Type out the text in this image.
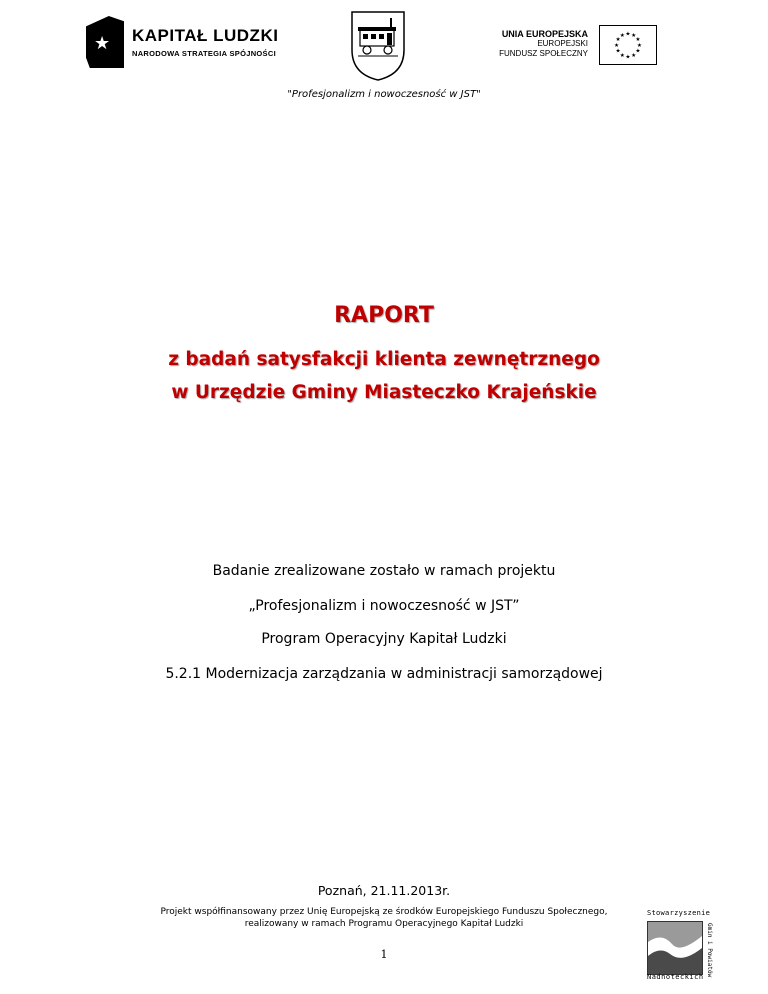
★ KAPITAŁ LUDZKI
NARODOWA STRATEGIA SPÓJNOŚCI
UNIA EUROPEJSKA
EUROPEJSKI
FUNDUSZ SPOŁECZNY
★ ★
★
★
★
★
★
★
★
★
★
★
"Profesjonalizm i nowoczesność w JST"
RAPORT
z badań satysfakcji klienta zewnętrznego
w Urzędzie Gminy Miasteczko Krajeńskie
Badanie zrealizowane zostało w ramach projektu
„Profesjonalizm i nowoczesność w JST”
Program Operacyjny Kapitał Ludzki
5.2.1 Modernizacja zarządzania w administracji samorządowej
Poznań, 21.11.2013r.
Projekt współfinansowany przez Unię Europejską ze środków Europejskiego Funduszu Społecznego,
realizowany w ramach Programu Operacyjnego Kapitał Ludzki
1
Stowarzyszenie
Gmin i Powiatów
Nadnoteckich
